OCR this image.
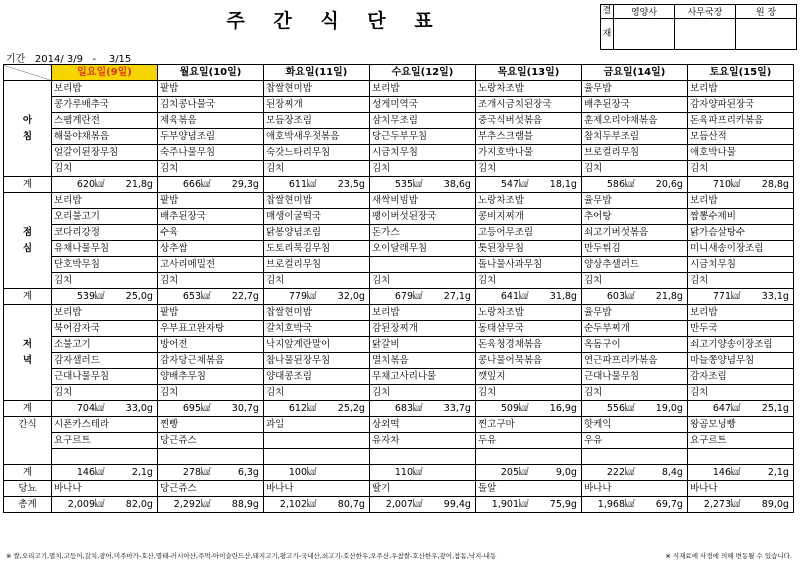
주 간 식 단 표	결	영양사	사무국장	원 장
재			
기간 2014/ 3/9   -    3/15
	일요일(9일)	월요일(10일)	화요일(11일)	수요일(12일)	목요일(13일)	금요일(14일)	토요일(15일)
	보리밥	팥밥	찹쌀현미밥	보리밥	노랑차조밥	율무밥	보리밥
	콩가루배추국	김치콩나물국	된장찌개	성게미역국	조개시금치된장국	배추된장국	감자양파된장국
아	스팸계란전	제육볶음	모듬장조림	삼치무조림	중국식버섯볶음	훈제오리야채볶음	돈육파프리카볶음
침	해물야채볶음	두부양념조림	애호박새우젓볶음	당근두부무침	부추스크램블	참치두부조림	모듬산적
	얼갈이된장무침	숙주나물무침	숙갓느타리무침	시금치무침	가지호박나물	브로컬리무침	애호박나물
	김치	김치	김치	김치	김치	김치	김치
계	620㎉ 21,8g	666㎉ 29,3g	611㎉ 23,5g	535㎉ 38,6g	547㎉ 18,1g	586㎉ 20,6g	710㎉ 28,8g
	보리밥	팥밥	찹쌀현미밥	새싹비빔밥	노랑차조밥	율무밥	보리밥
	오리불고기	배추된장국	매생이굴떡국	팽이버섯된장국	콩비지찌개	추어탕	짬뽕수제비
점	코다리강정	수육	닭봉양념조림	돈가스	고등어무조림	쇠고기버섯볶음	닭가슴살탕수
심	유채나물무침	상추쌈	도토리묵김무침	오이달래무침	톳된장무침	만두튀김	미니새송이장조림
	단호박무침	고사리메밀전	브로컬리무침		돌나물사과무침	양상추샐러드	시금치무침
	김치	김치	김치	김치	김치	김치	김치
계	539㎉ 25,0g	653㎉ 22,7g	779㎉ 32,0g	679㎉ 27,1g	641㎉ 31,8g	603㎉ 21,8g	771㎉ 33,1g
	보리밥	팥밥	찹쌀현미밥	보리밥	노랑차조밥	율무밥	보리밥
	북어감자국	우부표고완자탕	갈치호박국	감된장찌개	동태살무국	순두부찌개	만두국
저	소불고기	방어전	낙지앞계란말이	닭갈비	돈육청경채볶음	옥돔구이	쇠고기양송이장조림
녁	감자샐러드	감자당근채볶음	참나물된장무침	멸치볶음	콩나물어묵볶음	연근파프리카볶음	마늘쫑양념무침
	근대나물무침	양배추무침	양대콩조림	무채고사리나물	깻잎지	근대나물무침	감자조림
	김치	김치	김치	김치	김치	김치	김치
계	704㎉ 33,0g	695㎉ 30,7g	612㎉ 25,2g	683㎉ 33,7g	509㎉ 16,9g	556㎉ 19,0g	647㎉ 25,1g
간식	시폰카스테라	찐빵	과일	상외떡	찐고구마	핫케익	왕곰모닝빵
	요구르트	당근쥬스		유자차	두유	우유	요구르트

계	146㎉ 2,1g	278㎉ 6,3g	100㎉	110㎉	205㎉ 9,0g	222㎉ 8,4g	146㎉ 2,1g
당뇨	바나나	당근쥬스	바나나	딸기	돌알	바나나	바나나
총계	2,009㎉ 82,0g	2,292㎉ 88,9g	2,102㎉ 80,7g	2,007㎉ 99,4g	1,901㎉ 75,9g	1,968㎉ 69,7g	2,273㎉ 89,0g
※ 쌀,오리고기,멸치,고등어,갈치,광어,미주마가-호산,멸태-러시아산,주먹-아이슬란드산,돼지고기,왕고기-국내산,쇠고기-호산한우,오주산,우참쌀-호산한우,광어,참돔,낙지-내동	※ 식재료에 사정에 의해 변동될 수 있습니다.
